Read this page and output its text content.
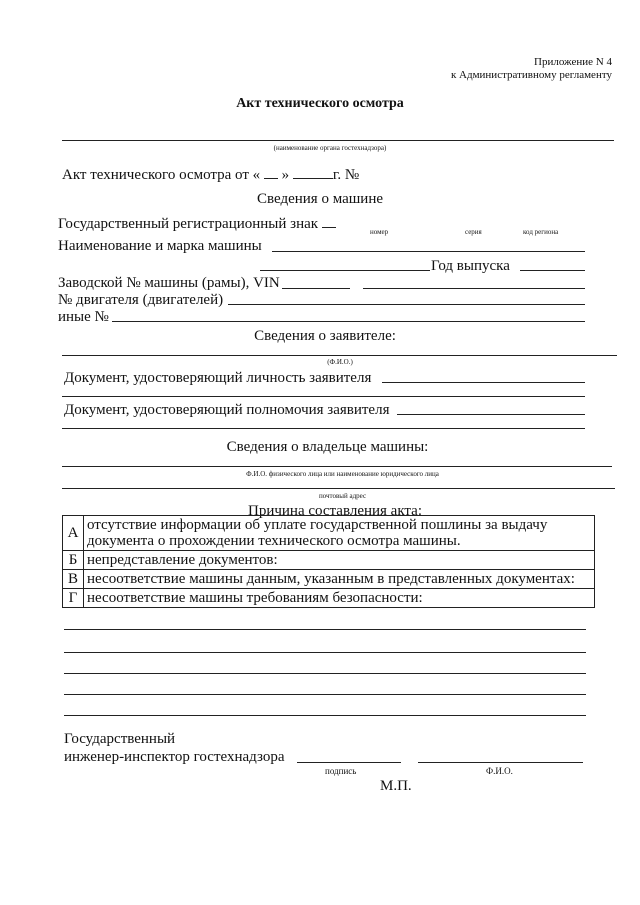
Приложение N 4
к Административному регламенту
Акт технического осмотра
(наименование органа гостехнадзора)
Акт технического осмотра от « »	г. №
Сведения о машине
Государственный регистрационный знак	номер	серия	код региона
Наименование и марка машины
Год выпуска
Заводской № машины (рамы), VIN
№ двигателя (двигателей)
иные №
Сведения о заявителе:
(Ф.И.О.)
Документ, удостоверяющий личность заявителя
Документ, удостоверяющий полномочия заявителя
Сведения о владельце машины:
Ф.И.О. физического лица или наименование юридического лица
почтовый адрес
Причина составления акта:
А	отсутствие информации об уплате государственной пошлины за выдачу документа о прохождении технического осмотра машины.
Б	непредставление документов:
В	несоответствие машины данным, указанным в представленных документах:
Г	несоответствие машины требованиям безопасности:
Государственный
инженер-инспектор гостехнадзора
подпись	Ф.И.О.
М.П.
